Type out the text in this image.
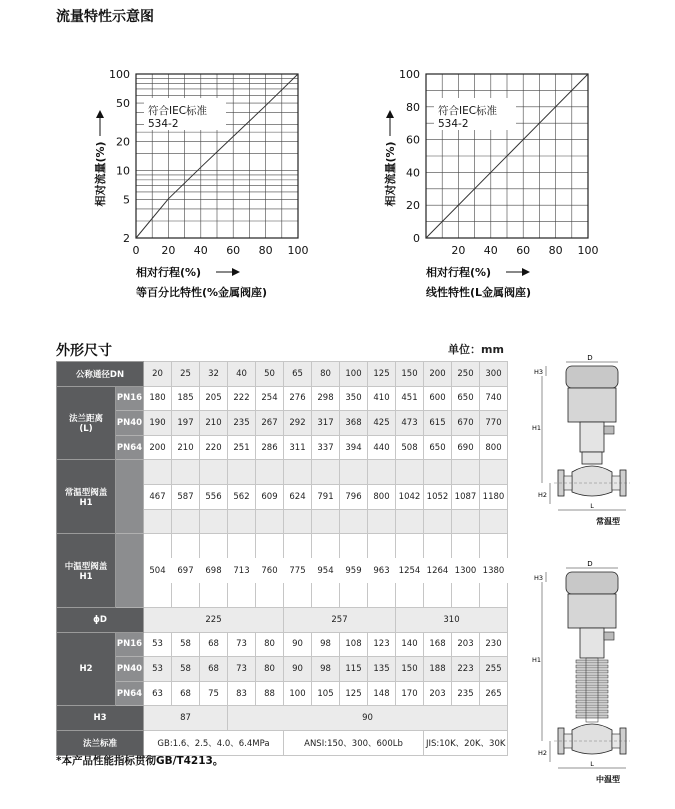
流量特性示意图
符合IEC标准
534-2
2
5
10
20
50
100
0 20 40 60 80 100
相对流量(%)
相对行程(%)
等百分比特性(%金属阀座)
符合IEC标准
534-2
0
20
40
60
80
100
20 40 60 80 100
相对流量(%)
相对行程(%)
线性特性(L金属阀座)
外形尺寸	单位：mm
公称通径DN		20	25	32	40	50	65	80	100	125	150	200	250	300
法兰距离
(L)	PN16	180	185	205	222	254	276	298	350	410	451	600	650	740
	PN40	190	197	210	235	267	292	317	368	425	473	615	670	770
	PN64	200	210	220	251	286	311	337	394	440	508	650	690	800
常温型阀盖
H1														
		467	587	556	562	609	624	791	796	800	1042	1052	1087	1180

中温型阀盖
H1														
		504	697	698	713	760	775	954	959	963	1254	1264	1300	1380

ϕD		225					257				310			
H2	PN16	53	58	68	73	80	90	98	108	123	140	168	203	230
	PN40	53	58	68	73	80	90	98	115	135	150	188	223	255
	PN64	63	68	75	83	88	100	105	125	148	170	203	235	265
H3		87			90									
法兰标准		GB:1.6、2.5、4.0、6.4MPa					ANSI:150、300、600Lb					JIS:10K、20K、30K		
*本产品性能指标贯彻GB/T4213。
D
H3
H1
H2
L
常温型
D
H3
H1
H2
L
中温型
